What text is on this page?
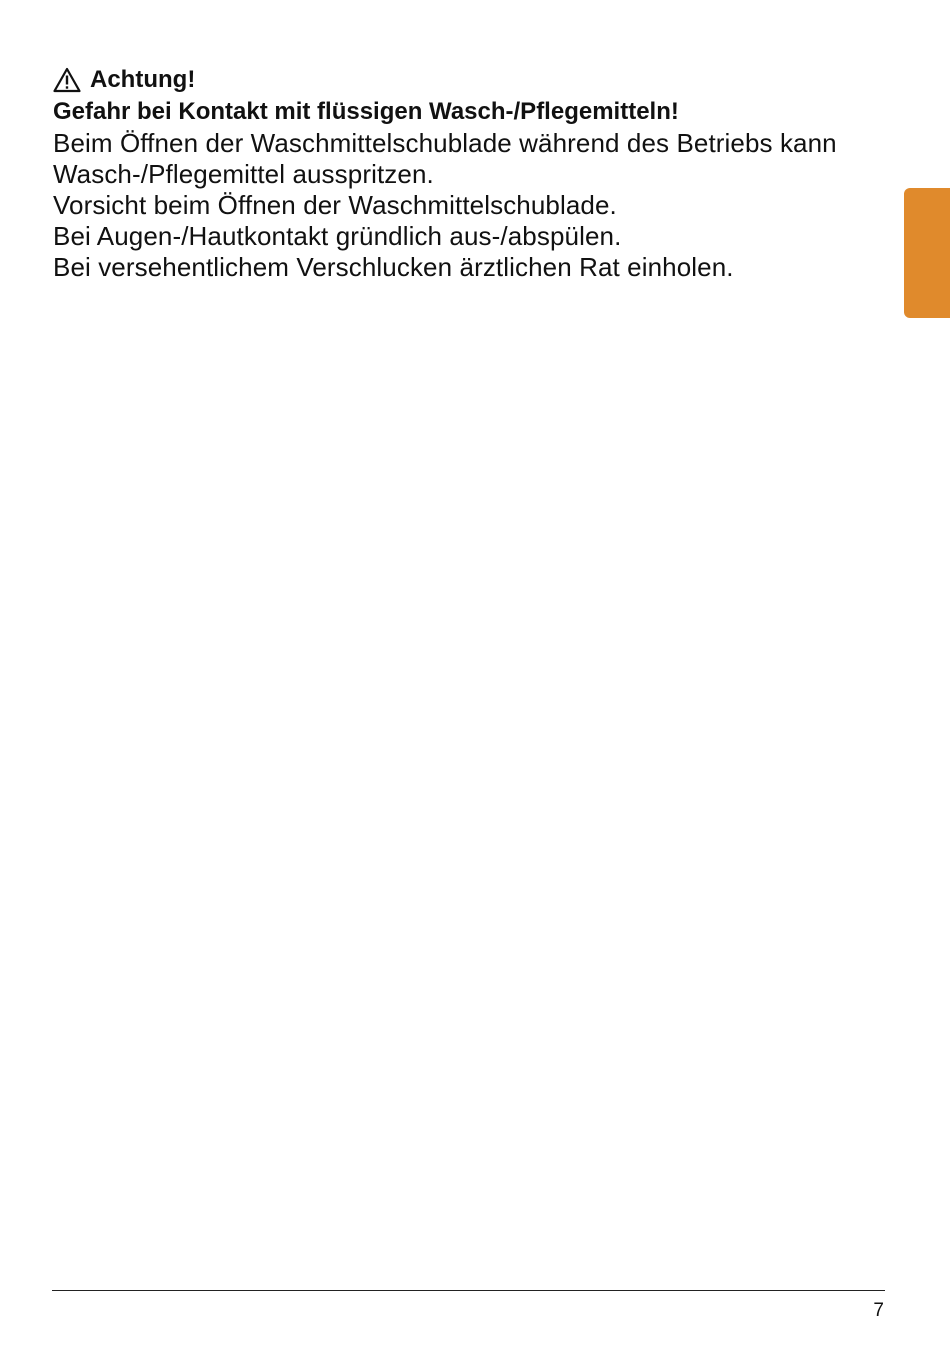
Achtung!

Gefahr bei Kontakt mit flüssigen Wasch-/Pflegemitteln!

Beim Öffnen der Waschmittelschublade während des Betriebs kann

Wasch-/Pflegemittel ausspritzen.

Vorsicht beim Öffnen der Waschmittelschublade.

Bei Augen-/Hautkontakt gründlich aus-/abspülen.

Bei versehentlichem Verschlucken ärztlichen Rat einholen.

7
